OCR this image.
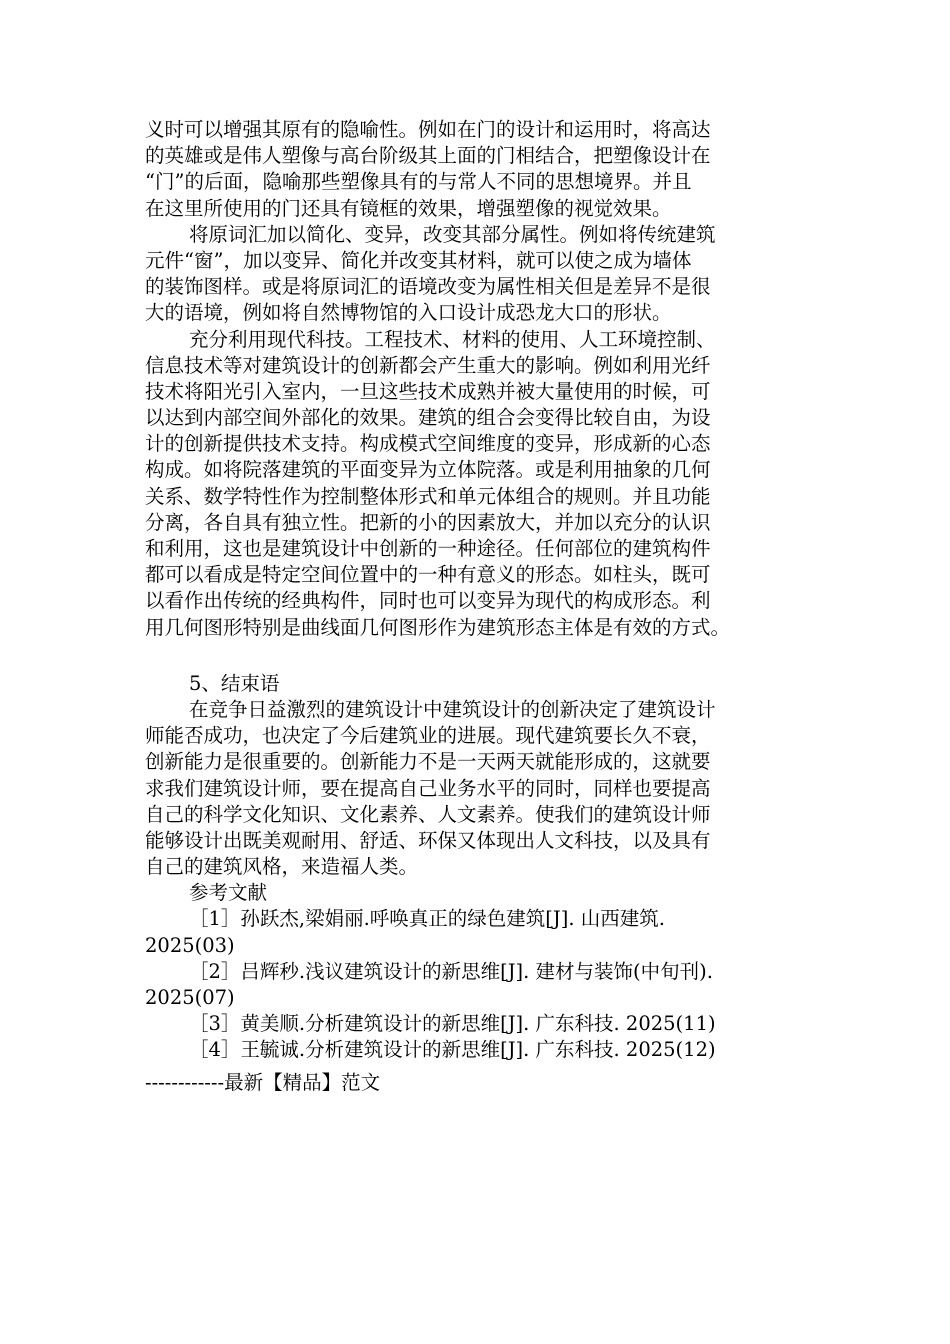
义时可以增强其原有的隐喻性。例如在门的设计和运用时，将高达
的英雄或是伟人塑像与高台阶级其上面的门相结合，把塑像设计在
“门”的后面，隐喻那些塑像具有的与常人不同的思想境界。并且
在这里所使用的门还具有镜框的效果，增强塑像的视觉效果。
将原词汇加以简化、变异，改变其部分属性。例如将传统建筑
元件“窗”，加以变异、简化并改变其材料，就可以使之成为墙体
的装饰图样。或是将原词汇的语境改变为属性相关但是差异不是很
大的语境，例如将自然博物馆的入口设计成恐龙大口的形状。
充分利用现代科技。工程技术、材料的使用、人工环境控制、
信息技术等对建筑设计的创新都会产生重大的影响。例如利用光纤
技术将阳光引入室内，一旦这些技术成熟并被大量使用的时候，可
以达到内部空间外部化的效果。建筑的组合会变得比较自由，为设
计的创新提供技术支持。构成模式空间维度的变异，形成新的心态
构成。如将院落建筑的平面变异为立体院落。或是利用抽象的几何
关系、数学特性作为控制整体形式和单元体组合的规则。并且功能
分离，各自具有独立性。把新的小的因素放大，并加以充分的认识
和利用，这也是建筑设计中创新的一种途径。任何部位的建筑构件
都可以看成是特定空间位置中的一种有意义的形态。如柱头，既可
以看作出传统的经典构件，同时也可以变异为现代的构成形态。利
用几何图形特别是曲线面几何图形作为建筑形态主体是有效的方式。
5、结束语
在竞争日益激烈的建筑设计中建筑设计的创新决定了建筑设计
师能否成功，也决定了今后建筑业的进展。现代建筑要长久不衰，
创新能力是很重要的。创新能力不是一天两天就能形成的，这就要
求我们建筑设计师，要在提高自己业务水平的同时，同样也要提高
自己的科学文化知识、文化素养、人文素养。使我们的建筑设计师
能够设计出既美观耐用、舒适、环保又体现出人文科技，以及具有
自己的建筑风格，来造福人类。
参考文献
［1］孙跃杰,梁娟丽.呼唤真正的绿色建筑[J]. 山西建筑.
2025(03)
［2］吕辉秒.浅议建筑设计的新思维[J]. 建材与装饰(中旬刊).
2025(07)
［3］黄美顺.分析建筑设计的新思维[J]. 广东科技. 2025(11)
［4］王毓诚.分析建筑设计的新思维[J]. 广东科技. 2025(12)
------------最新【精品】范文
